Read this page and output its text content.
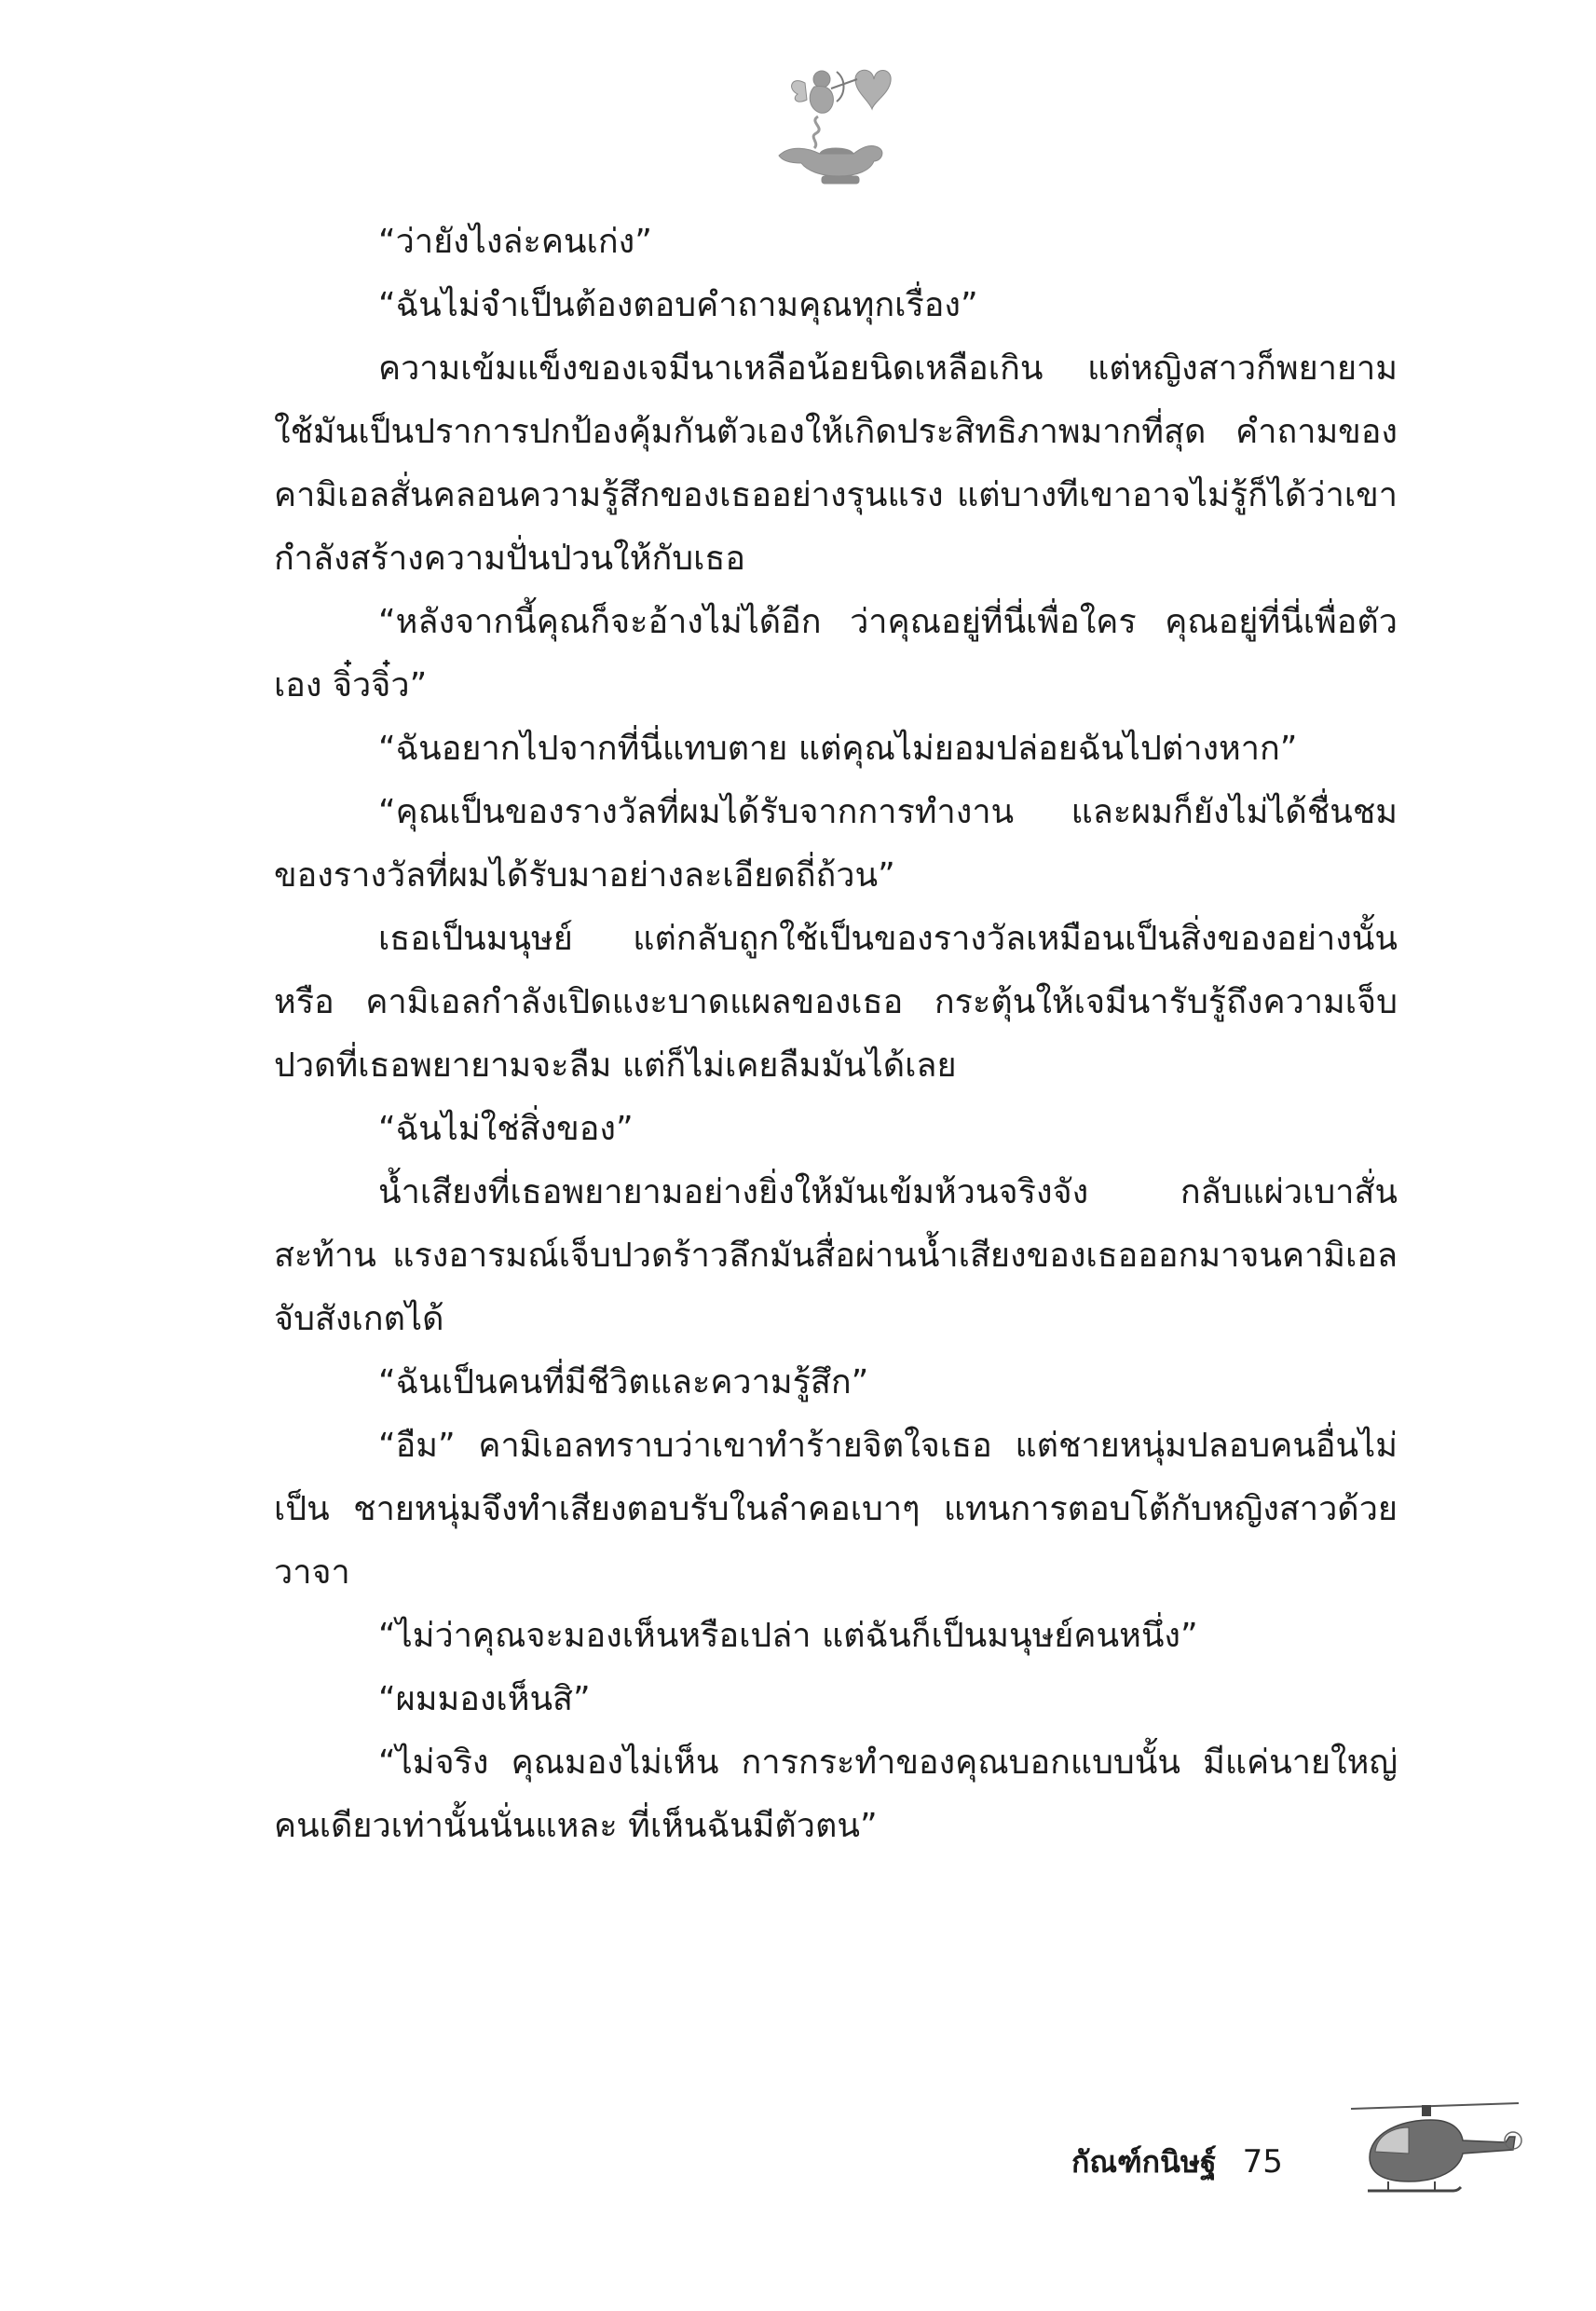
“ว่ายังไงล่ะคนเก่ง”

“ฉันไม่จำเป็นต้องตอบคำถามคุณทุกเรื่อง”

ความเข้มแข็งของเจมีนาเหลือน้อยนิดเหลือเกิน แต่หญิงสาวก็พยายามใช้มันเป็นปราการปกป้องคุ้มกันตัวเองให้เกิดประสิทธิภาพมากที่สุด คำถามของคามิเอลสั่นคลอนความรู้สึกของเธออย่างรุนแรง แต่บางทีเขาอาจไม่รู้ก็ได้ว่าเขากำลังสร้างความปั่นป่วนให้กับเธอ

“หลังจากนี้คุณก็จะอ้างไม่ได้อีก ว่าคุณอยู่ที่นี่เพื่อใคร คุณอยู่ที่นี่เพื่อตัวเอง จิ๋วจิ๋ว”

“ฉันอยากไปจากที่นี่แทบตาย แต่คุณไม่ยอมปล่อยฉันไปต่างหาก”

“คุณเป็นของรางวัลที่ผมได้รับจากการทำงาน และผมก็ยังไม่ได้ชื่นชมของรางวัลที่ผมได้รับมาอย่างละเอียดถี่ถ้วน”

เธอเป็นมนุษย์ แต่กลับถูกใช้เป็นของรางวัลเหมือนเป็นสิ่งของอย่างนั้นหรือ คามิเอลกำลังเปิดแงะบาดแผลของเธอ กระตุ้นให้เจมีนารับรู้ถึงความเจ็บปวดที่เธอพยายามจะลืม แต่ก็ไม่เคยลืมมันได้เลย

“ฉันไม่ใช่สิ่งของ”

น้ำเสียงที่เธอพยายามอย่างยิ่งให้มันเข้มห้วนจริงจัง กลับแผ่วเบาสั่นสะท้าน แรงอารมณ์เจ็บปวดร้าวลึกมันสื่อผ่านน้ำเสียงของเธอออกมาจนคามิเอลจับสังเกตได้

“ฉันเป็นคนที่มีชีวิตและความรู้สึก”

“อืม” คามิเอลทราบว่าเขาทำร้ายจิตใจเธอ แต่ชายหนุ่มปลอบคนอื่นไม่เป็น ชายหนุ่มจึงทำเสียงตอบรับในลำคอเบาๆ แทนการตอบโต้กับหญิงสาวด้วยวาจา

“ไม่ว่าคุณจะมองเห็นหรือเปล่า แต่ฉันก็เป็นมนุษย์คนหนึ่ง”

“ผมมองเห็นสิ”

“ไม่จริง คุณมองไม่เห็น การกระทำของคุณบอกแบบนั้น มีแค่นายใหญ่คนเดียวเท่านั้นนั่นแหละ ที่เห็นฉันมีตัวตน”

กัณฑ์กนิษฐ์ 75
